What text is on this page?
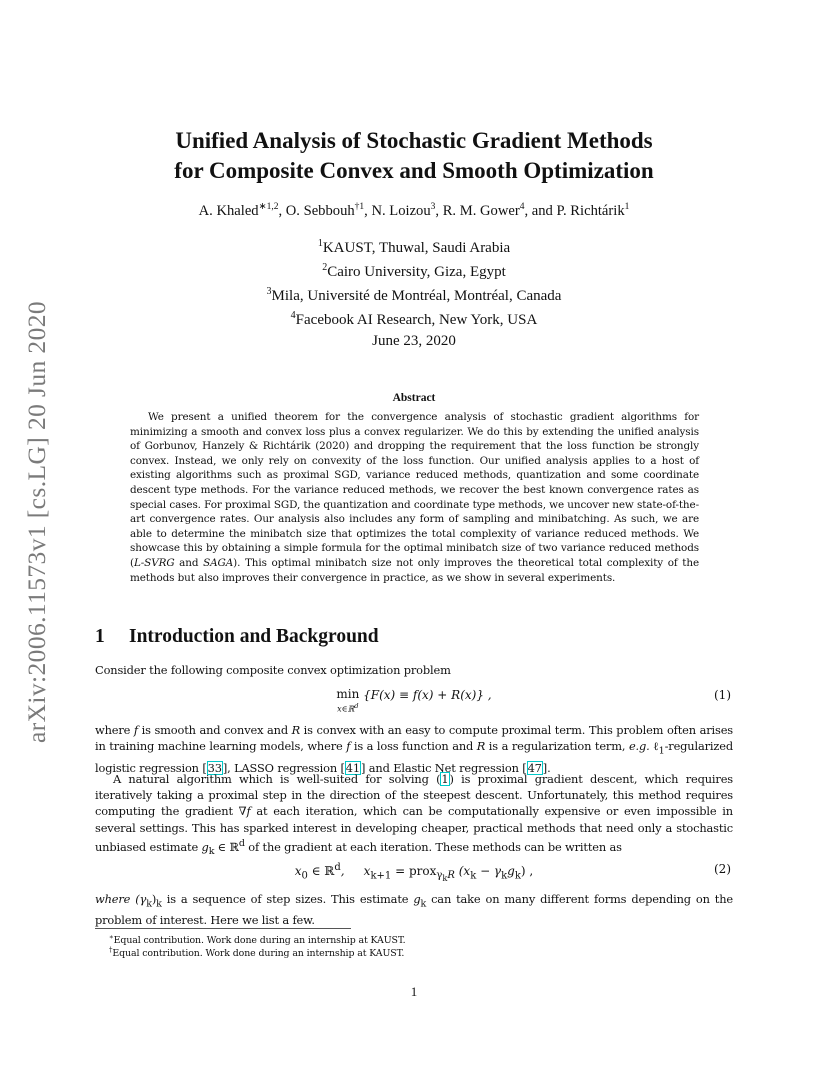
arXiv:2006.11573v1 [cs.LG] 20 Jun 2020
Unified Analysis of Stochastic Gradient Methods
for Composite Convex and Smooth Optimization
A. Khaled$^{∗1,2}$, O. Sebbouh$^{\dagger 1}$, N. Loizou$^3$, R. M. Gower$^4$, and P. Richtárik$^1$
$^1$KAUST, Thuwal, Saudi Arabia
$^2$Cairo University, Giza, Egypt
$^3$Mila, Université de Montréal, Montréal, Canada
$^4$Facebook AI Research, New York, USA
June 23, 2020
Abstract

We present a unified theorem for the convergence analysis of stochastic gradient algorithms for minimizing a smooth and convex loss plus a convex regularizer. We do this by extending the unified analysis of Gorbunov, Hanzely & Richtárik (2020) and dropping the requirement that the loss function be strongly convex. Instead, we only rely on convexity of the loss function. Our unified analysis applies to a host of existing algorithms such as proximal SGD, variance reduced methods, quantization and some coordinate descent type methods. For the variance reduced methods, we recover the best known convergence rates as special cases. For proximal SGD, the quantization and coordinate type methods, we uncover new state-of-the-art convergence rates. Our analysis also includes any form of sampling and minibatching. As such, we are able to determine the minibatch size that optimizes the total complexity of variance reduced methods. We showcase this by obtaining a simple formula for the optimal minibatch size of two variance reduced methods (L-SVRG and SAGA). This optimal minibatch size not only improves the theoretical total complexity of the methods but also improves their convergence in practice, as we show in several experiments.

1 Introduction and Background

Consider the following composite convex optimization problem

min
x∈ℝ$^d$
{F(x) ≡ f(x) + R(x)} ,	(1)

where f is smooth and convex and R is convex with an easy to compute proximal term. This problem often arises in training machine learning models, where f is a loss function and R is a regularization term, e.g. ℓ$_1$-regularized logistic regression [33], LASSO regression [41] and Elastic Net regression [47].

A natural algorithm which is well-suited for solving (1) is proximal gradient descent, which requires iteratively taking a proximal step in the direction of the steepest descent. Unfortunately, this method requires computing the gradient ∇f at each iteration, which can be computationally expensive or even impossible in several settings. This has sparked interest in developing cheaper, practical methods that need only a stochastic unbiased estimate $g_k$ ∈ ℝ$^d$ of the gradient at each iteration. These methods can be written as

$x_0$ ∈ ℝ$^d$,     $x_{k+1}$ = prox$_{\gamma_kR}$ $(x_k - \gamma_kg_k)$ ,	(2)

where $(\gamma_k)_k$ is a sequence of step sizes. This estimate $g_k$ can take on many different forms depending on the problem of interest. Here we list a few.

∗Equal contribution. Work done during an internship at KAUST.
†Equal contribution. Work done during an internship at KAUST.
1
